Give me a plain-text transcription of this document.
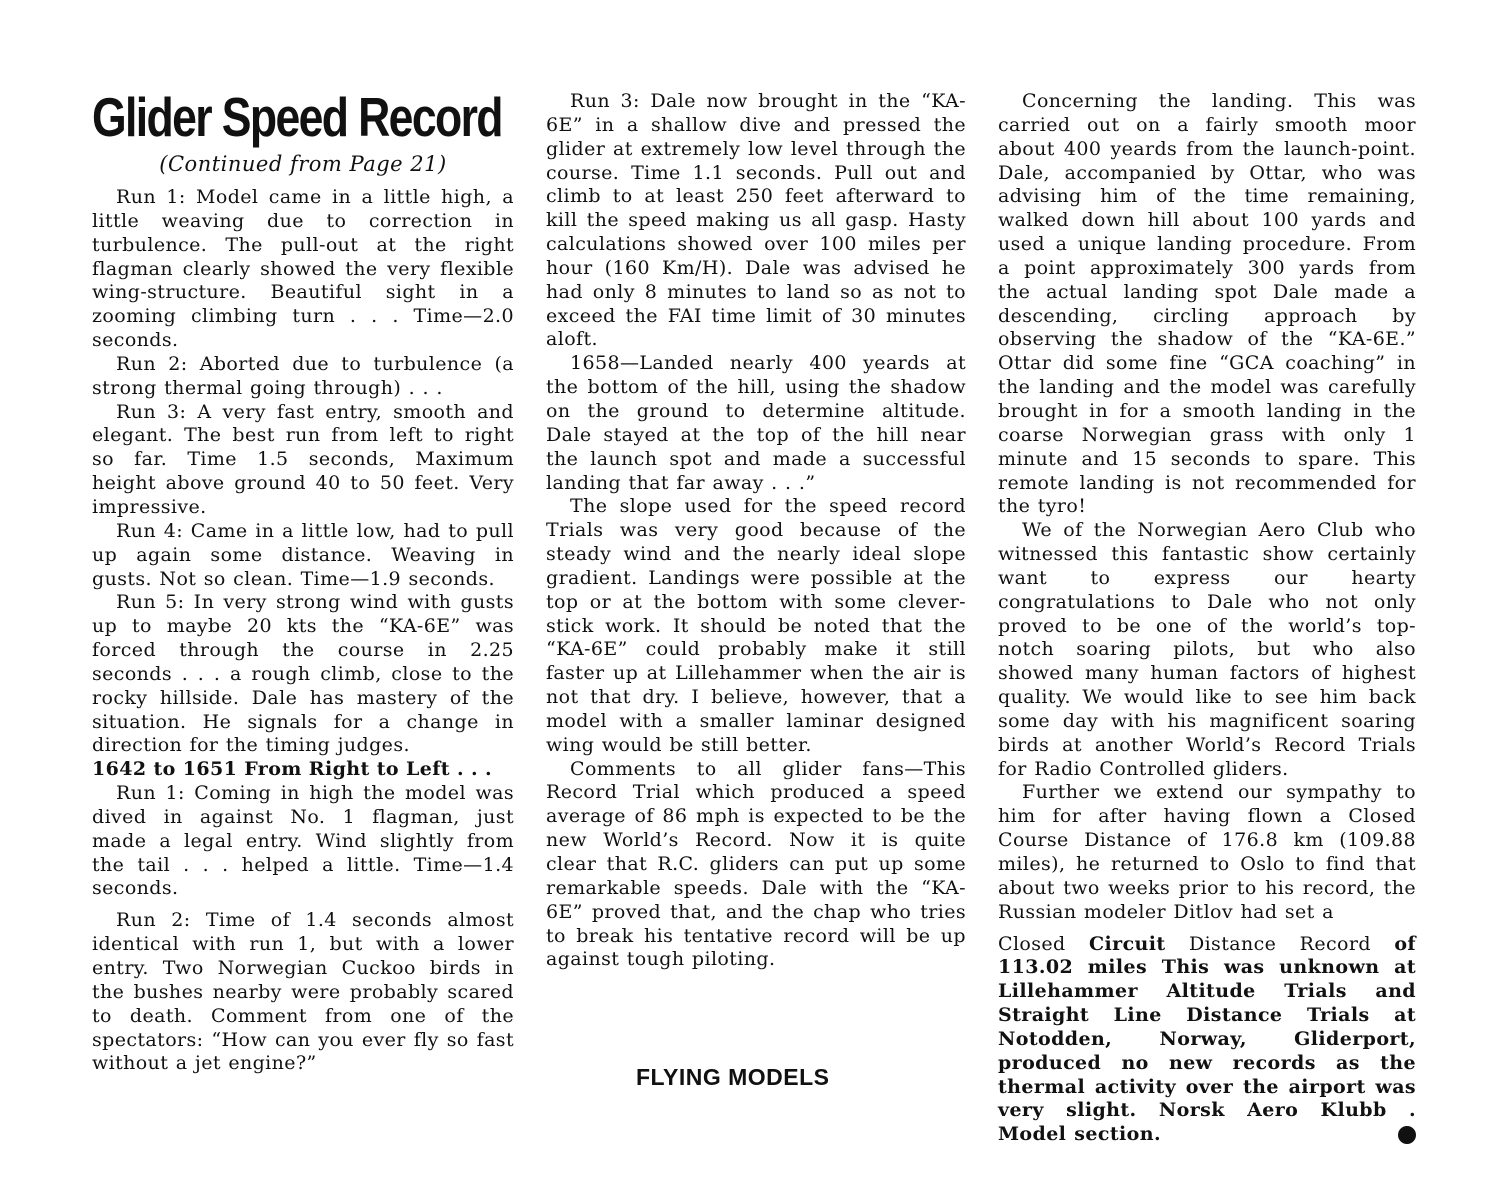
Glider Speed Record
(Continued from Page 21)

Run 1: Model came in a little high, a little weaving due to correction in turbulence. The pull-out at the right flagman clearly showed the very flexible wing-structure. Beautiful sight in a zooming climbing turn . . . Time—2.0 seconds.

Run 2: Aborted due to turbulence (a strong thermal going through) . . .

Run 3: A very fast entry, smooth and elegant. The best run from left to right so far. Time 1.5 seconds, Maximum height above ground 40 to 50 feet. Very impressive.

Run 4: Came in a little low, had to pull up again some distance. Weaving in gusts. Not so clean. Time—1.9 seconds.

Run 5: In very strong wind with gusts up to maybe 20 kts the “KA-6E” was forced through the course in 2.25 seconds . . . a rough climb, close to the rocky hillside. Dale has mastery of the situation. He signals for a change in direction for the timing judges.

1642 to 1651 From Right to Left . . .

Run 1: Coming in high the model was dived in against No. 1 flagman, just made a legal entry. Wind slightly from the tail . . . helped a little. Time—1.4 seconds.

Run 2: Time of 1.4 seconds almost identical with run 1, but with a lower entry. Two Norwegian Cuckoo birds in the bushes nearby were probably scared to death. Comment from one of the spectators: “How can you ever fly so fast without a jet engine?”

Run 3: Dale now brought in the “KA-6E” in a shallow dive and pressed the glider at extremely low level through the course. Time 1.1 seconds. Pull out and climb to at least 250 feet afterward to kill the speed making us all gasp. Hasty calculations showed over 100 miles per hour (160 Km/H). Dale was advised he had only 8 minutes to land so as not to exceed the FAI time limit of 30 minutes aloft.

1658—Landed nearly 400 yeards at the bottom of the hill, using the shadow on the ground to determine altitude. Dale stayed at the top of the hill near the launch spot and made a successful landing that far away . . .”

The slope used for the speed record Trials was very good because of the steady wind and the nearly ideal slope gradient. Landings were possible at the top or at the bottom with some clever-stick work. It should be noted that the “KA-6E” could probably make it still faster up at Lillehammer when the air is not that dry. I believe, however, that a model with a smaller laminar designed wing would be still better.

Comments to all glider fans—This Record Trial which produced a speed average of 86 mph is expected to be the new World’s Record. Now it is quite clear that R.C. gliders can put up some remarkable speeds. Dale with the “KA-6E” proved that, and the chap who tries to break his tentative record will be up against tough piloting.

Concerning the landing. This was carried out on a fairly smooth moor about 400 yeards from the launch-point. Dale, accompanied by Ottar, who was advising him of the time remaining, walked down hill about 100 yards and used a unique landing procedure. From a point approximately 300 yards from the actual landing spot Dale made a descending, circling approach by observing the shadow of the “KA-6E.” Ottar did some fine “GCA coaching” in the landing and the model was carefully brought in for a smooth landing in the coarse Norwegian grass with only 1 minute and 15 seconds to spare. This remote landing is not recommended for the tyro!

We of the Norwegian Aero Club who witnessed this fantastic show certainly want to express our hearty congratulations to Dale who not only proved to be one of the world’s top-notch soaring pilots, but who also showed many human factors of highest quality. We would like to see him back some day with his magnificent soaring birds at another World’s Record Trials for Radio Controlled gliders.

Further we extend our sympathy to him for after having flown a Closed Course Distance of 176.8 km (109.88 miles), he returned to Oslo to find that about two weeks prior to his record, the Russian modeler Ditlov had set a

Closed Circuit Distance Record of 113.02 miles This was unknown at Lillehammer Altitude Trials and Straight Line Distance Trials at Notodden, Norway, Gliderport, produced no new records as the thermal activity over the airport was very slight. Norsk Aero Klubb . Model section.

FLYING MODELS
